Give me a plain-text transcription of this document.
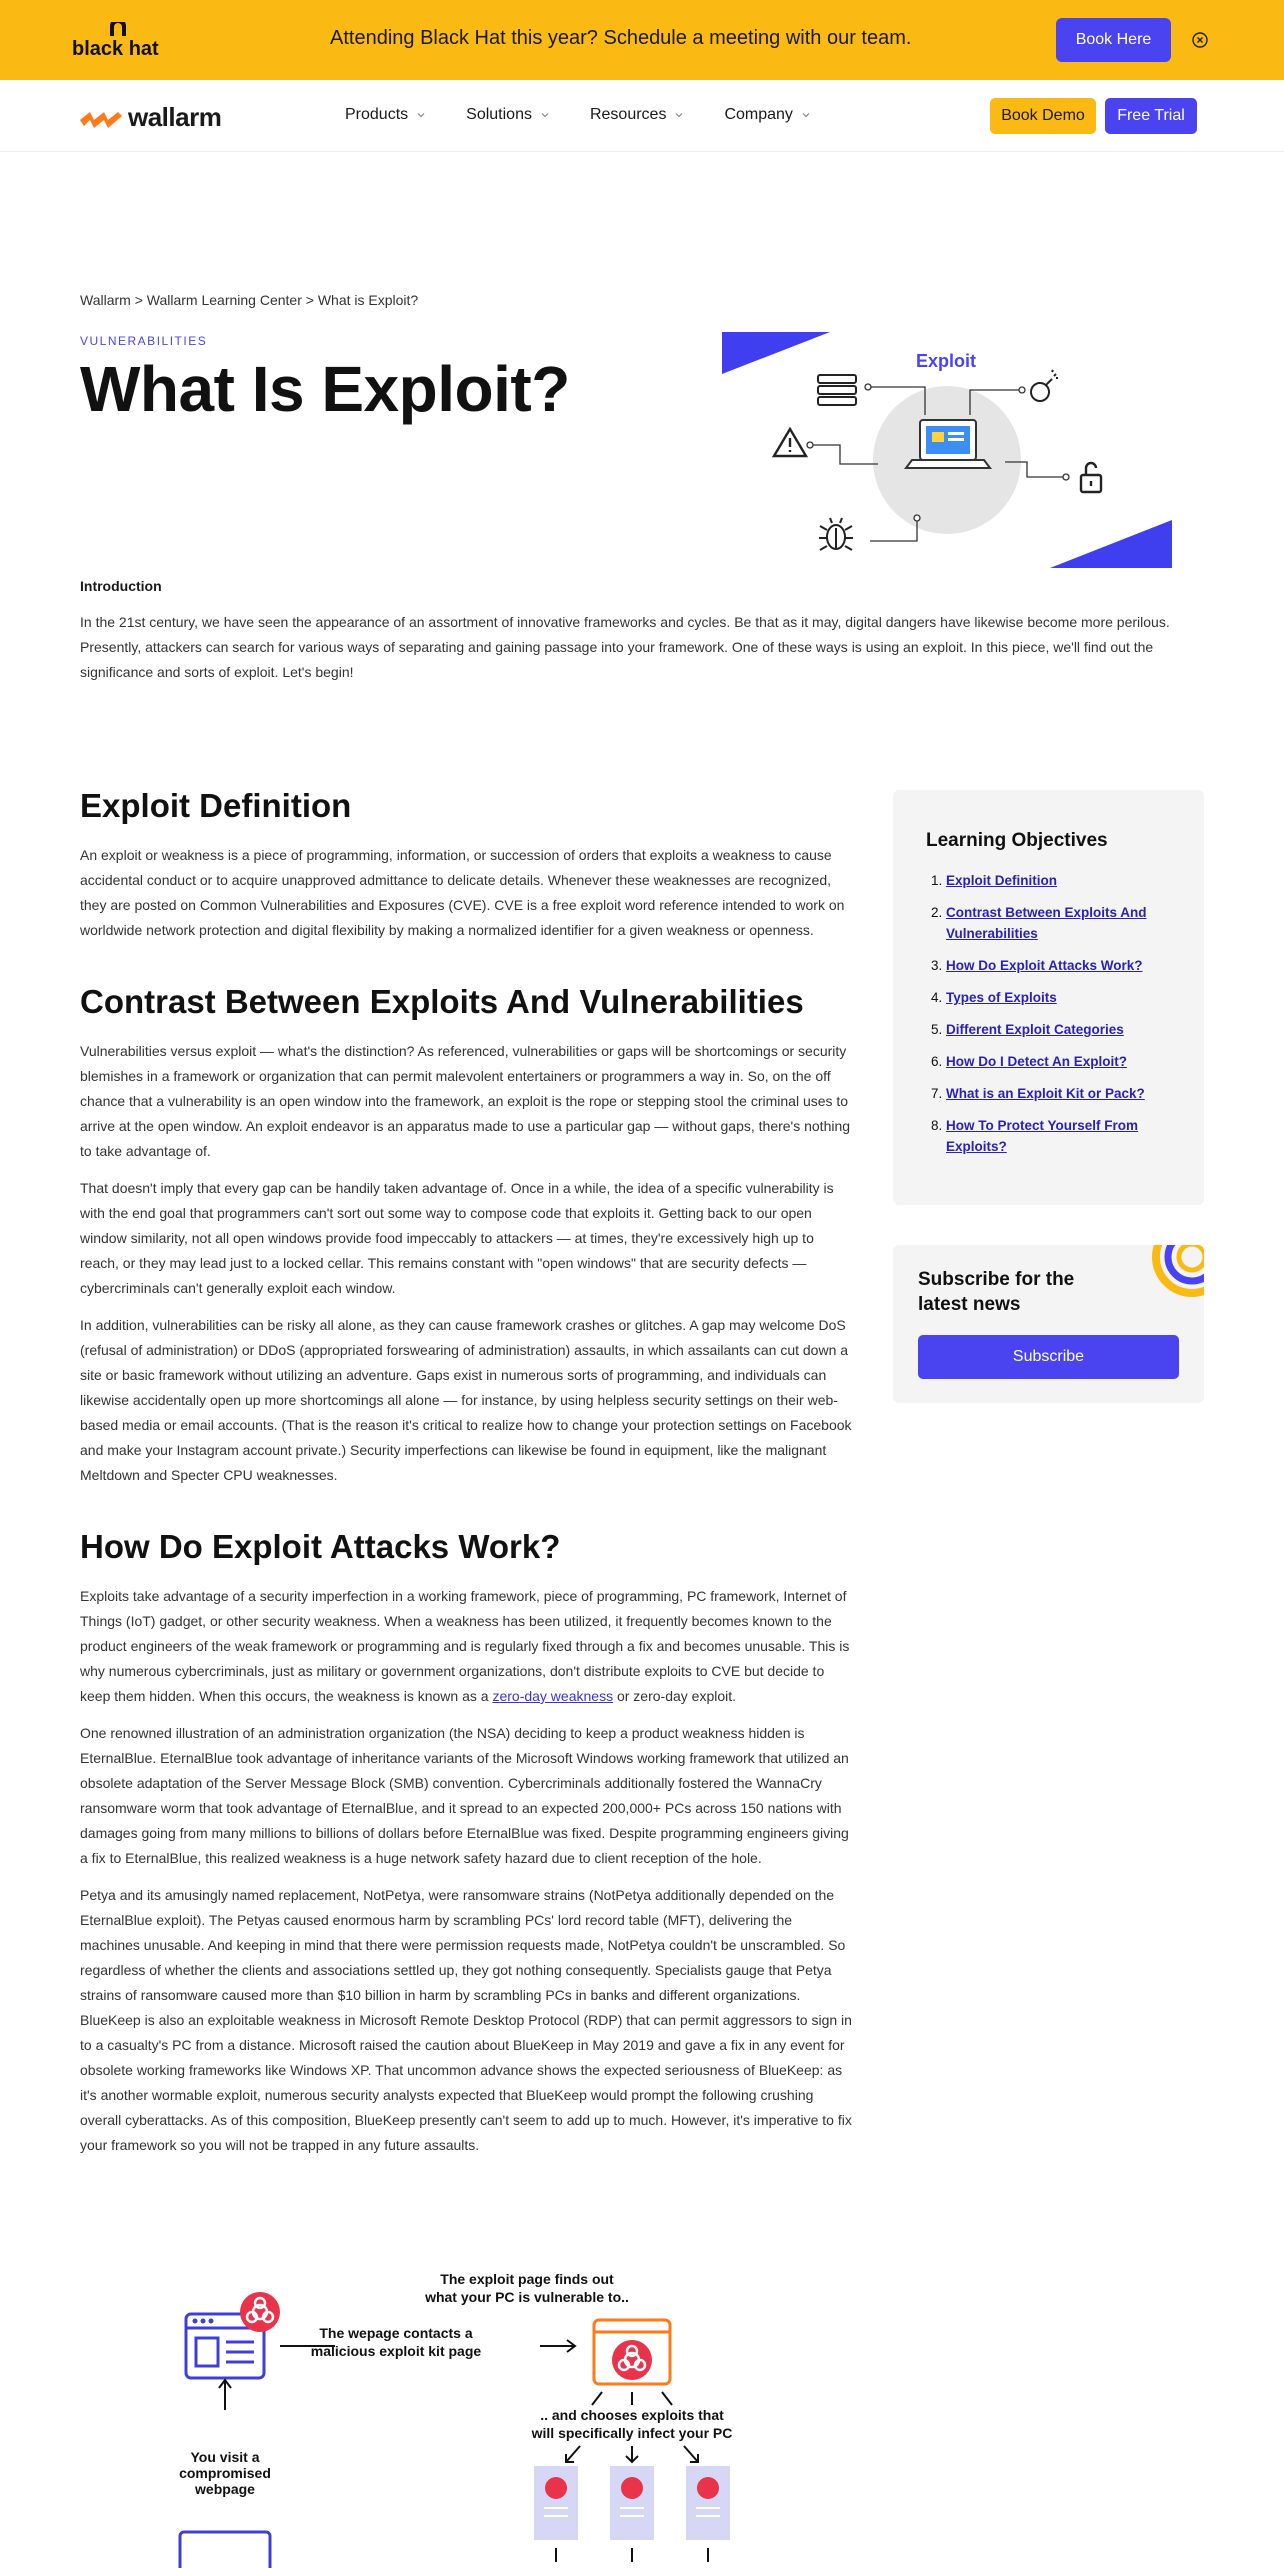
black hat	Attending Black Hat this year? Schedule a meeting with our team.	Book Here
wallarm	Products	Solutions	Resources	Company	Book Demo	Free Trial
Wallarm > Wallarm Learning Center > What is Exploit?
VULNERABILITIES
What Is Exploit?	Exploit
Introduction

In the 21st century, we have seen the appearance of an assortment of innovative frameworks and cycles. Be that as it may, digital dangers have likewise become more perilous. Presently, attackers can search for various ways of separating and gaining passage into your framework. One of these ways is using an exploit. In this piece, we'll find out the significance and sorts of exploit. Let's begin!

Exploit Definition

An exploit or weakness is a piece of programming, information, or succession of orders that exploits a weakness to cause accidental conduct or to acquire unapproved admittance to delicate details. Whenever these weaknesses are recognized, they are posted on Common Vulnerabilities and Exposures (CVE). CVE is a free exploit word reference intended to work on worldwide network protection and digital flexibility by making a normalized identifier for a given weakness or openness.

Contrast Between Exploits And Vulnerabilities

Vulnerabilities versus exploit — what's the distinction? As referenced, vulnerabilities or gaps will be shortcomings or security blemishes in a framework or organization that can permit malevolent entertainers or programmers a way in. So, on the off chance that a vulnerability is an open window into the framework, an exploit is the rope or stepping stool the criminal uses to arrive at the open window. An exploit endeavor is an apparatus made to use a particular gap — without gaps, there's nothing to take advantage of.

That doesn't imply that every gap can be handily taken advantage of. Once in a while, the idea of a specific vulnerability is with the end goal that programmers can't sort out some way to compose code that exploits it. Getting back to our open window similarity, not all open windows provide food impeccably to attackers — at times, they're excessively high up to reach, or they may lead just to a locked cellar. This remains constant with "open windows" that are security defects — cybercriminals can't generally exploit each window.

In addition, vulnerabilities can be risky all alone, as they can cause framework crashes or glitches. A gap may welcome DoS (refusal of administration) or DDoS (appropriated forswearing of administration) assaults, in which assailants can cut down a site or basic framework without utilizing an adventure. Gaps exist in numerous sorts of programming, and individuals can likewise accidentally open up more shortcomings all alone — for instance, by using helpless security settings on their web-based media or email accounts. (That is the reason it's critical to realize how to change your protection settings on Facebook and make your Instagram account private.) Security imperfections can likewise be found in equipment, like the malignant Meltdown and Specter CPU weaknesses.

How Do Exploit Attacks Work?

Exploits take advantage of a security imperfection in a working framework, piece of programming, PC framework, Internet of Things (IoT) gadget, or other security weakness. When a weakness has been utilized, it frequently becomes known to the product engineers of the weak framework or programming and is regularly fixed through a fix and becomes unusable. This is why numerous cybercriminals, just as military or government organizations, don't distribute exploits to CVE but decide to keep them hidden. When this occurs, the weakness is known as a zero-day weakness or zero-day exploit.

One renowned illustration of an administration organization (the NSA) deciding to keep a product weakness hidden is EternalBlue. EternalBlue took advantage of inheritance variants of the Microsoft Windows working framework that utilized an obsolete adaptation of the Server Message Block (SMB) convention. Cybercriminals additionally fostered the WannaCry ransomware worm that took advantage of EternalBlue, and it spread to an expected 200,000+ PCs across 150 nations with damages going from many millions to billions of dollars before EternalBlue was fixed. Despite programming engineers giving a fix to EternalBlue, this realized weakness is a huge network safety hazard due to client reception of the hole.

Petya and its amusingly named replacement, NotPetya, were ransomware strains (NotPetya additionally depended on the EternalBlue exploit). The Petyas caused enormous harm by scrambling PCs' lord record table (MFT), delivering the machines unusable. And keeping in mind that there were permission requests made, NotPetya couldn't be unscrambled. So regardless of whether the clients and associations settled up, they got nothing consequently. Specialists gauge that Petya strains of ransomware caused more than $10 billion in harm by scrambling PCs in banks and different organizations. BlueKeep is also an exploitable weakness in Microsoft Remote Desktop Protocol (RDP) that can permit aggressors to sign in to a casualty's PC from a distance. Microsoft raised the caution about BlueKeep in May 2019 and gave a fix in any event for obsolete working frameworks like Windows XP. That uncommon advance shows the expected seriousness of BlueKeep: as it's another wormable exploit, numerous security analysts expected that BlueKeep would prompt the following crushing overall cyberattacks. As of this composition, BlueKeep presently can't seem to add up to much. However, it's imperative to fix your framework so you will not be trapped in any future assaults.

Learning Objectives
1. Exploit Definition
2. Contrast Between Exploits And Vulnerabilities
3. How Do Exploit Attacks Work?
4. Types of Exploits
5. Different Exploit Categories
6. How Do I Detect An Exploit?
7. What is an Exploit Kit or Pack?
8. How To Protect Yourself From Exploits?
Subscribe for the latest news
Subscribe
The wepage contacts a
malicious exploit kit page
The exploit page finds out
what your PC is vulnerable to..
.. and chooses exploits that
will specifically infect your PC
You visit a
compromised
webpage
